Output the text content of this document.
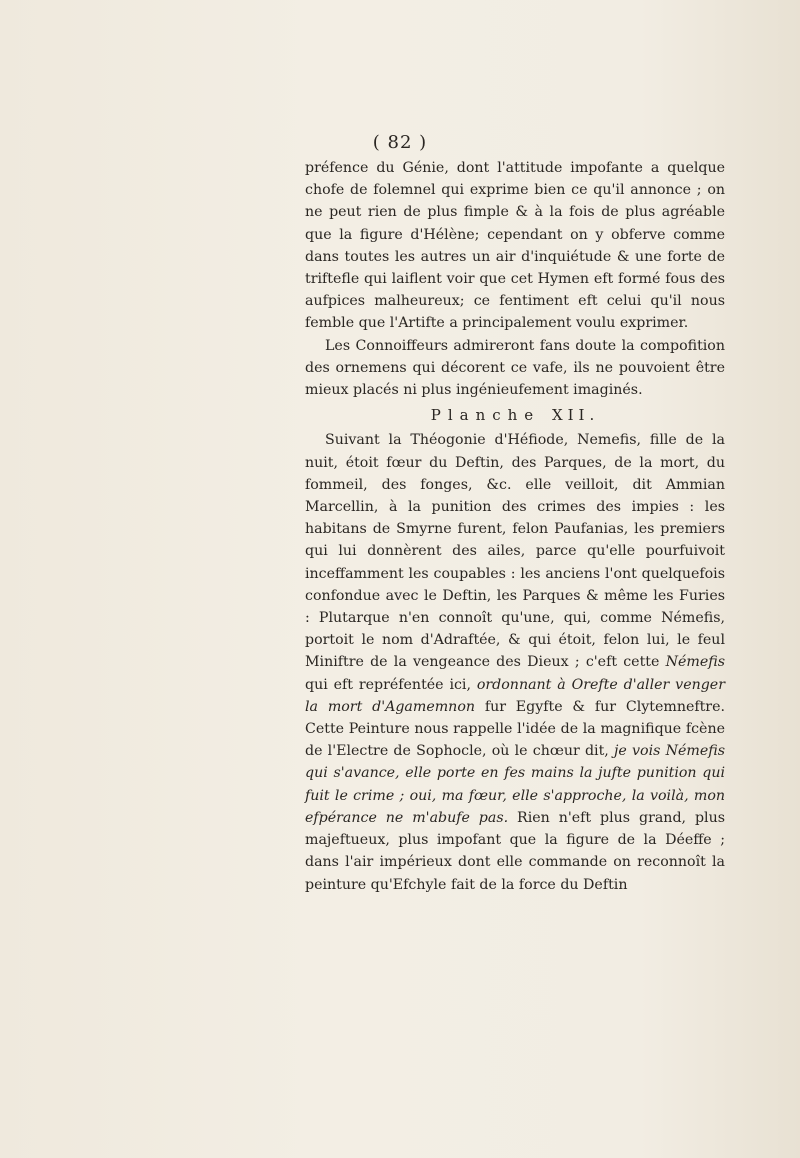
( 82 )

préfence du Génie, dont l'attitude impofante a quelque chofe de folemnel qui exprime bien ce qu'il annonce ; on ne peut rien de plus fimple & à la fois de plus agréable que la figure d'Hélène; cependant on y obferve comme dans toutes les autres un air d'inquiétude & une forte de triftefle qui laiflent voir que cet Hymen eft formé fous des aufpices malheureux; ce fentiment eft celui qu'il nous femble que l'Artifte a principalement voulu exprimer.

Les Connoiffeurs admireront fans doute la compofition des ornemens qui décorent ce vafe, ils ne pouvoient être mieux placés ni plus ingénieufement imaginés.

Planche XII.

Suivant la Théogonie d'Héfiode, Nemefis, fille de la nuit, étoit fœur du Deftin, des Parques, de la mort, du fommeil, des fonges, &c. elle veilloit, dit Ammian Marcellin, à la punition des crimes des impies : les habitans de Smyrne furent, felon Paufanias, les premiers qui lui donnèrent des ailes, parce qu'elle pourfuivoit inceffamment les coupables : les anciens l'ont quelquefois confondue avec le Deftin, les Parques & même les Furies : Plutarque n'en connoît qu'une, qui, comme Némefis, portoit le nom d'Adraftée, & qui étoit, felon lui, le feul Miniftre de la vengeance des Dieux ; c'eft cette Némefis qui eft repréfentée ici, ordonnant à Orefte d'aller venger la mort d'Agamemnon fur Egyfte & fur Clytemneftre. Cette Peinture nous rappelle l'idée de la magnifique fcène de l'Electre de Sophocle, où le chœur dit, je vois Némefis qui s'avance, elle porte en fes mains la jufte punition qui fuit le crime ; oui, ma fœur, elle s'approche, la voilà, mon efpérance ne m'abufe pas. Rien n'eft plus grand, plus majeftueux, plus impofant que la figure de la Déeffe ; dans l'air impérieux dont elle commande on reconnoît la peinture qu'Efchyle fait de la force du Deftin
